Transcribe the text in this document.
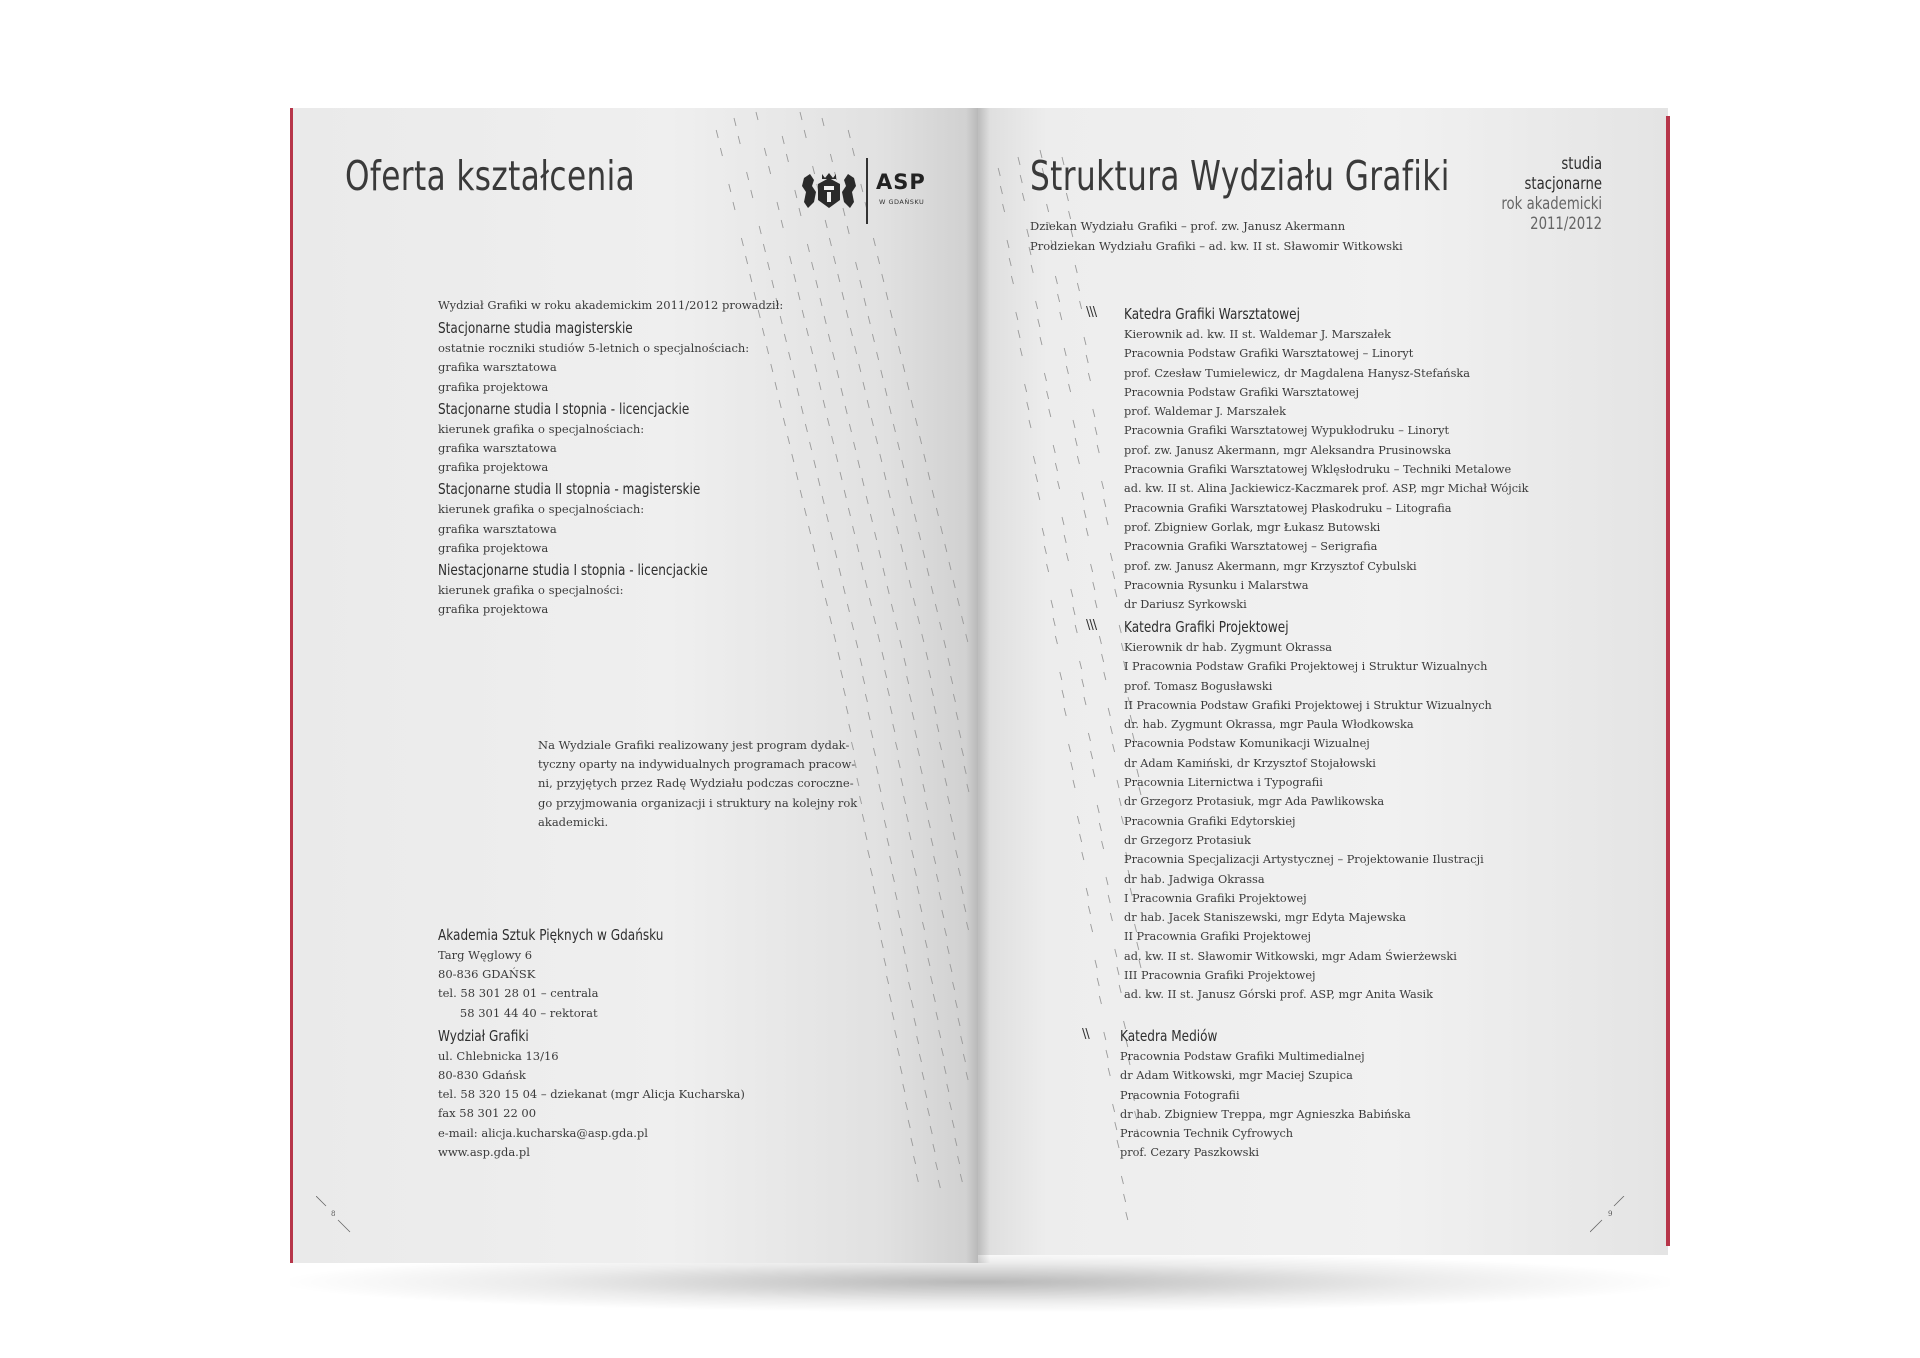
Oferta kształcenia	ASP
W GDAŃSKU
Wydział Grafiki w roku akademickim 2011/2012 prowadził:
Stacjonarne studia magisterskie
ostatnie roczniki studiów 5-letnich o specjalnościach:
grafika warsztatowa
grafika projektowa
Stacjonarne studia I stopnia - licencjackie
kierunek grafika o specjalnościach:
grafika warsztatowa
grafika projektowa
Stacjonarne studia II stopnia - magisterskie
kierunek grafika o specjalnościach:
grafika warsztatowa
grafika projektowa
Niestacjonarne studia I stopnia - licencjackie
kierunek grafika o specjalności:
grafika projektowa
Na Wydziale Grafiki realizowany jest program dydak-
tyczny oparty na indywidualnych programach pracow-
ni, przyjętych przez Radę Wydziału podczas coroczne-
go przyjmowania organizacji i struktury na kolejny rok
akademicki.
Akademia Sztuk Pięknych w Gdańsku
Targ Węglowy 6
80-836 GDAŃSK
tel. 58 301 28 01 – centrala
58 301 44 40 – rektorat
Wydział Grafiki
ul. Chlebnicka 13/16
80-830 Gdańsk
tel. 58 320 15 04 – dziekanat (mgr Alicja Kucharska)
fax 58 301 22 00
e-mail: alicja.kucharska@asp.gda.pl
www.asp.gda.pl
8
Struktura Wydziału Grafiki
Dziekan Wydziału Grafiki – prof. zw. Janusz Akermann
Prodziekan Wydziału Grafiki – ad. kw. II st. Sławomir Witkowski
studia
stacjonarne
rok akademicki
2011/2012
\\\ Katedra Grafiki Warsztatowej
Kierownik ad. kw. II st. Waldemar J. Marszałek
Pracownia Podstaw Grafiki Warsztatowej – Linoryt
prof. Czesław Tumielewicz, dr Magdalena Hanysz-Stefańska
Pracownia Podstaw Grafiki Warsztatowej
prof. Waldemar J. Marszałek
Pracownia Grafiki Warsztatowej Wypukłodruku – Linoryt
prof. zw. Janusz Akermann, mgr Aleksandra Prusinowska
Pracownia Grafiki Warsztatowej Wklęsłodruku – Techniki Metalowe
ad. kw. II st. Alina Jackiewicz-Kaczmarek prof. ASP, mgr Michał Wójcik
Pracownia Grafiki Warsztatowej Płaskodruku – Litografia
prof. Zbigniew Gorlak, mgr Łukasz Butowski
Pracownia Grafiki Warsztatowej – Serigrafia
prof. zw. Janusz Akermann, mgr Krzysztof Cybulski
Pracownia Rysunku i Malarstwa
dr Dariusz Syrkowski
\\\ Katedra Grafiki Projektowej
Kierownik dr hab. Zygmunt Okrassa
I Pracownia Podstaw Grafiki Projektowej i Struktur Wizualnych
prof. Tomasz Bogusławski
II Pracownia Podstaw Grafiki Projektowej i Struktur Wizualnych
dr. hab. Zygmunt Okrassa, mgr Paula Włodkowska
Pracownia Podstaw Komunikacji Wizualnej
dr Adam Kamiński, dr Krzysztof Stojałowski
Pracownia Liternictwa i Typografii
dr Grzegorz Protasiuk, mgr Ada Pawlikowska
Pracownia Grafiki Edytorskiej
dr Grzegorz Protasiuk
Pracownia Specjalizacji Artystycznej – Projektowanie Ilustracji
dr hab. Jadwiga Okrassa
I Pracownia Grafiki Projektowej
dr hab. Jacek Staniszewski, mgr Edyta Majewska
II Pracownia Grafiki Projektowej
ad. kw. II st. Sławomir Witkowski, mgr Adam Świerżewski
III Pracownia Grafiki Projektowej
ad. kw. II st. Janusz Górski prof. ASP, mgr Anita Wasik
\\ Katedra Mediów
Pracownia Podstaw Grafiki Multimedialnej
dr Adam Witkowski, mgr Maciej Szupica
Pracownia Fotografii
dr hab. Zbigniew Treppa, mgr Agnieszka Babińska
Pracownia Technik Cyfrowych
prof. Cezary Paszkowski
9
